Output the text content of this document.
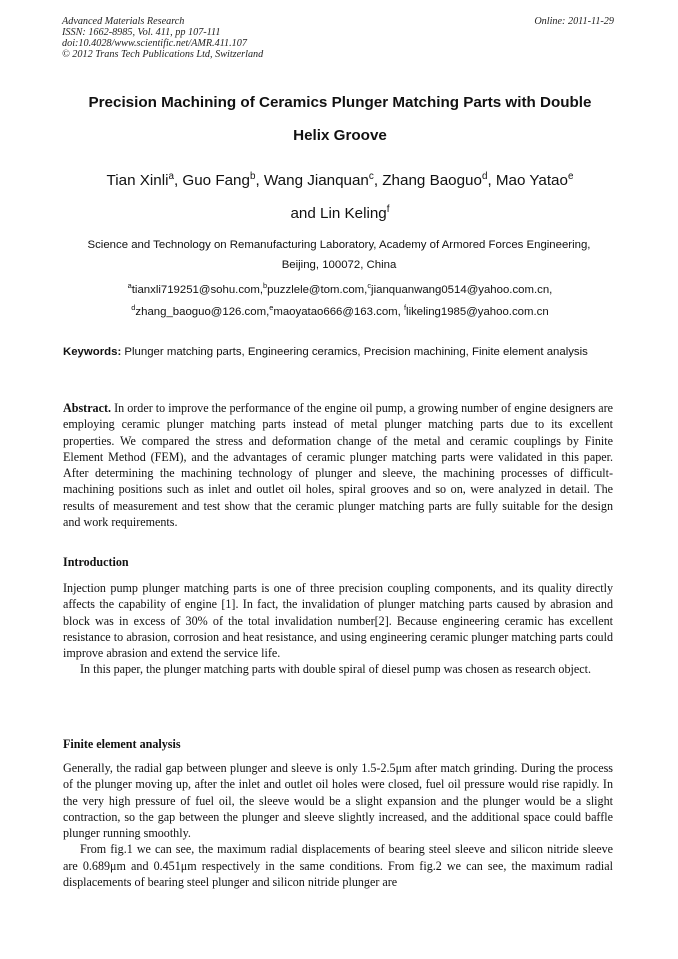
Advanced Materials Research
ISSN: 1662-8985, Vol. 411, pp 107-111
doi:10.4028/www.scientific.net/AMR.411.107
© 2012 Trans Tech Publications Ltd, Switzerland
Online: 2011-11-29
Precision Machining of Ceramics Plunger Matching Parts with Double
Helix Groove
Tian Xinli$^a$, Guo Fang$^b$, Wang Jianquan$^c$, Zhang Baoguo$^d$, Mao Yatao$^e$
and Lin Keling$^f$
Science and Technology on Remanufacturing Laboratory, Academy of Armored Forces Engineering, Beijing, 100072, China
$^a$tianxli719251@sohu.com,$^b$puzzlele@tom.com,$^c$jianquanwang0514@yahoo.com.cn,
$^d$zhang_baoguo@126.com,$^e$maoyatao666@163.com, $^f$likeling1985@yahoo.com.cn
Keywords: Plunger matching parts, Engineering ceramics, Precision machining, Finite element analysis

Abstract. In order to improve the performance of the engine oil pump, a growing number of engine designers are employing ceramic plunger matching parts instead of metal plunger matching parts due to its excellent properties. We compared the stress and deformation change of the metal and ceramic couplings by Finite Element Method (FEM), and the advantages of ceramic plunger matching parts were validated in this paper. After determining the machining technology of plunger and sleeve, the machining processes of difficult-machining positions such as inlet and outlet oil holes, spiral grooves and so on, were analyzed in detail. The results of measurement and test show that the ceramic plunger matching parts are fully suitable for the design and work requirements.

Introduction

Injection pump plunger matching parts is one of three precision coupling components, and its quality directly affects the capability of engine [1]. In fact, the invalidation of plunger matching parts caused by abrasion and block was in excess of 30% of the total invalidation number[2]. Because engineering ceramic has excellent resistance to abrasion, corrosion and heat resistance, and using engineering ceramic plunger matching parts could improve abrasion and extend the service life.

In this paper, the plunger matching parts with double spiral of diesel pump was chosen as research object.

Finite element analysis

Generally, the radial gap between plunger and sleeve is only 1.5-2.5μm after match grinding. During the process of the plunger moving up, after the inlet and outlet oil holes were closed, fuel oil pressure would rise rapidly. In the very high pressure of fuel oil, the sleeve would be a slight expansion and the plunger would be a slight contraction, so the gap between the plunger and sleeve slightly increased, and the additional space could baffle plunger running smoothly.

From fig.1 we can see, the maximum radial displacements of bearing steel sleeve and silicon nitride sleeve are 0.689μm and 0.451μm respectively in the same conditions. From fig.2 we can see, the maximum radial displacements of bearing steel plunger and silicon nitride plunger are
